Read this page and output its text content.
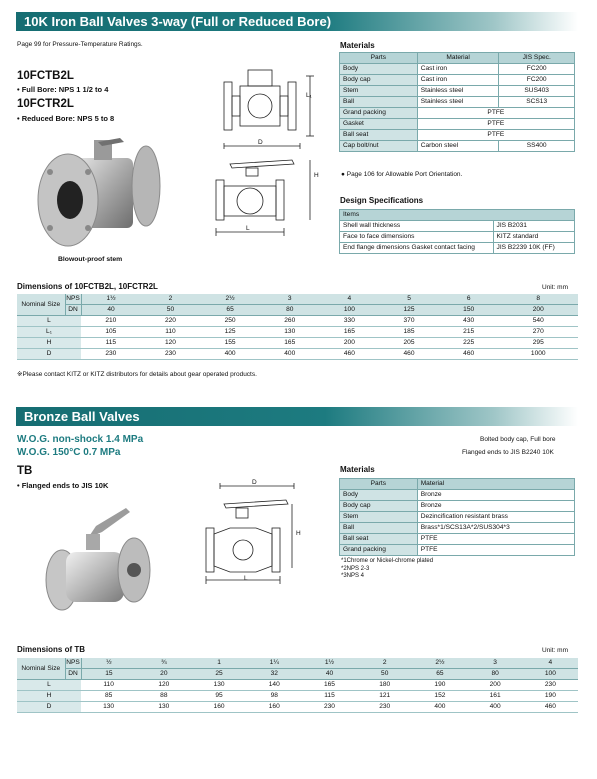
10K Iron Ball Valves 3-way (Full or Reduced Bore)
Page 99 for Pressure-Temperature Ratings.
10FCTB2L
• Full Bore: NPS 1 1/2 to 4
10FCTR2L
• Reduced Bore: NPS 5 to 8
Blowout-proof stem
L₁
D
H
L
Materials
Parts	Material	JIS Spec.
Body	Cast iron	FC200
Body cap	Cast iron	FC200
Stem	Stainless steel	SUS403
Ball	Stainless steel	SCS13
Grand packing	PTFE	
Gasket	PTFE	
Ball seat	PTFE	
Cap bolt/nut	Carbon steel	SS400
● Page 106 for Allowable Port Orientation.
Design Specifications
Items	
Shell wall thickness	JIS B2031
Face to face dimensions	KITZ standard
End flange dimensions Gasket contact facing	JIS B2239 10K (FF)
Dimensions of 10FCTB2L, 10FCTR2L	Unit: mm
Nominal Size	NPS	1½	2	2½	3	4	5	6	8
	DN	40	50	65	80	100	125	150	200
L		210	220	250	260	330	370	430	540
L₁		105	110	125	130	165	185	215	270
H		115	120	155	165	200	205	225	295
D		230	230	400	400	460	460	460	1000
※Please contact KITZ or KITZ distributors for details about gear operated products.
Bronze Ball Valves
W.O.G. non-shock 1.4 MPa
W.O.G. 150°C 0.7 MPa
Bolted body cap, Full bore
Flanged ends to JIS B2240 10K
TB
• Flanged ends to JIS 10K	D
H
L
Materials
Parts	Material
Body	Bronze
Body cap	Bronze
Stem	Dezincification resistant brass
Ball	Brass*1/SCS13A*2/SUS304*3
Ball seat	PTFE
Grand packing	PTFE
*1Chrome or Nickel-chrome plated
*2NPS 2-3
*3NPS 4
Dimensions of TB	Unit: mm
Nominal Size	NPS	½	¾	1	1¼	1½	2	2½	3	4
	DN	15	20	25	32	40	50	65	80	100
L		110	120	130	140	165	180	190	200	230
H		85	88	95	98	115	121	152	161	190
D		130	130	160	160	230	230	400	400	460
